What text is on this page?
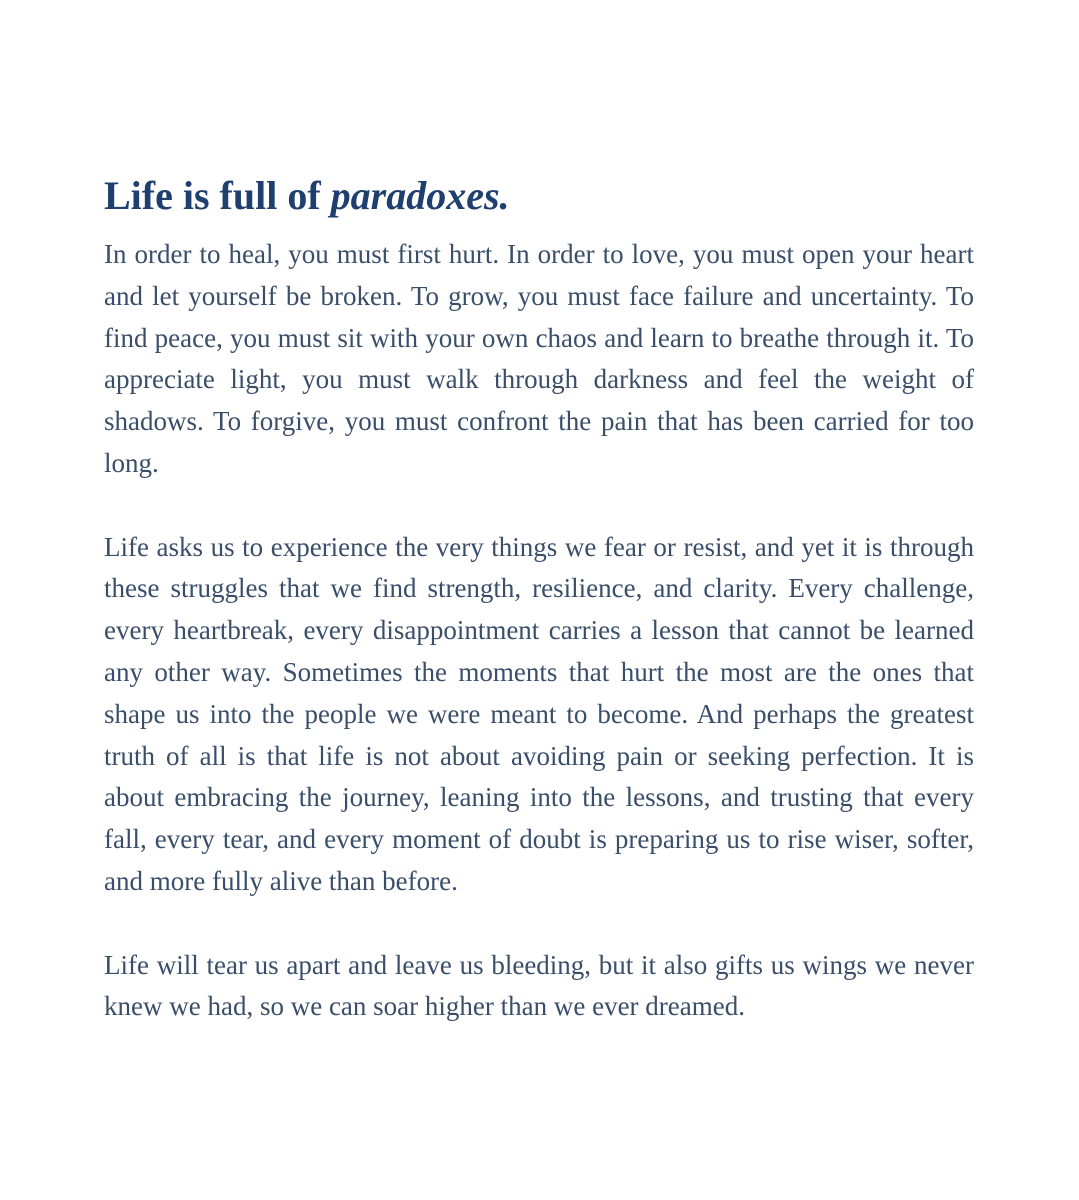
Life is full of paradoxes.

In order to heal, you must first hurt. In order to love, you must open your heart and let yourself be broken. To grow, you must face failure and uncertainty. To find peace, you must sit with your own chaos and learn to breathe through it. To appreciate light, you must walk through darkness and feel the weight of shadows. To forgive, you must confront the pain that has been carried for too long.

Life asks us to experience the very things we fear or resist, and yet it is through these struggles that we find strength, resilience, and clarity. Every challenge, every heartbreak, every disappointment carries a lesson that cannot be learned any other way. Sometimes the moments that hurt the most are the ones that shape us into the people we were meant to become. And perhaps the greatest truth of all is that life is not about avoiding pain or seeking perfection. It is about embracing the journey, leaning into the lessons, and trusting that every fall, every tear, and every moment of doubt is preparing us to rise wiser, softer, and more fully alive than before.

Life will tear us apart and leave us bleeding, but it also gifts us wings we never knew we had, so we can soar higher than we ever dreamed.
